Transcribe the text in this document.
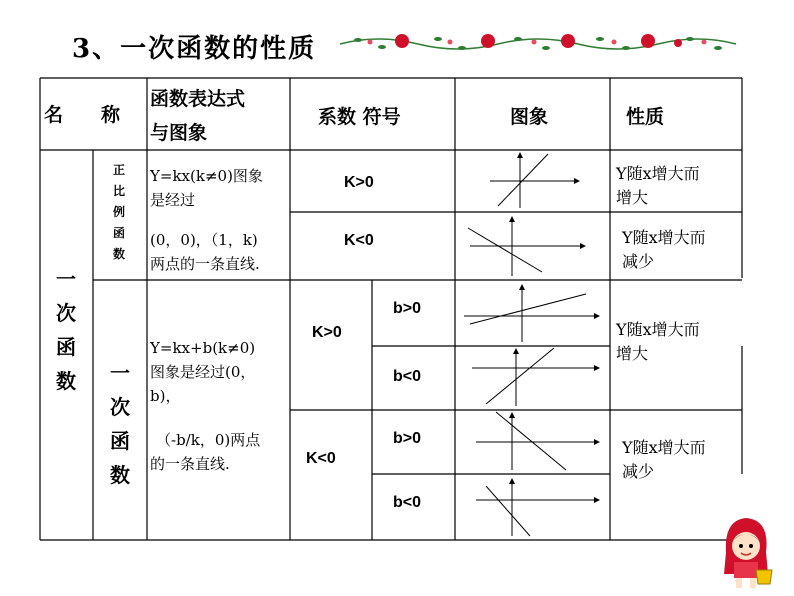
3、一次函数的性质
名　　称
函数表达式
与图象
系数 符号	图象	性质
一次函数
正比例函数
Y=kx(k≠0)图象
是经过
(0，0)，（1，k)
两点的一条直线.
K>0
K<0
Y随x增大而
增大
Y随x增大而
减少
一次函数
Y=kx+b(k≠0)
图象是经过(0，
b)，
（-b/k，0)两点
的一条直线.
K>0
K<0
b>0
b<0
b>0
b<0
Y随x增大而
增大
Y随x增大而
减少
